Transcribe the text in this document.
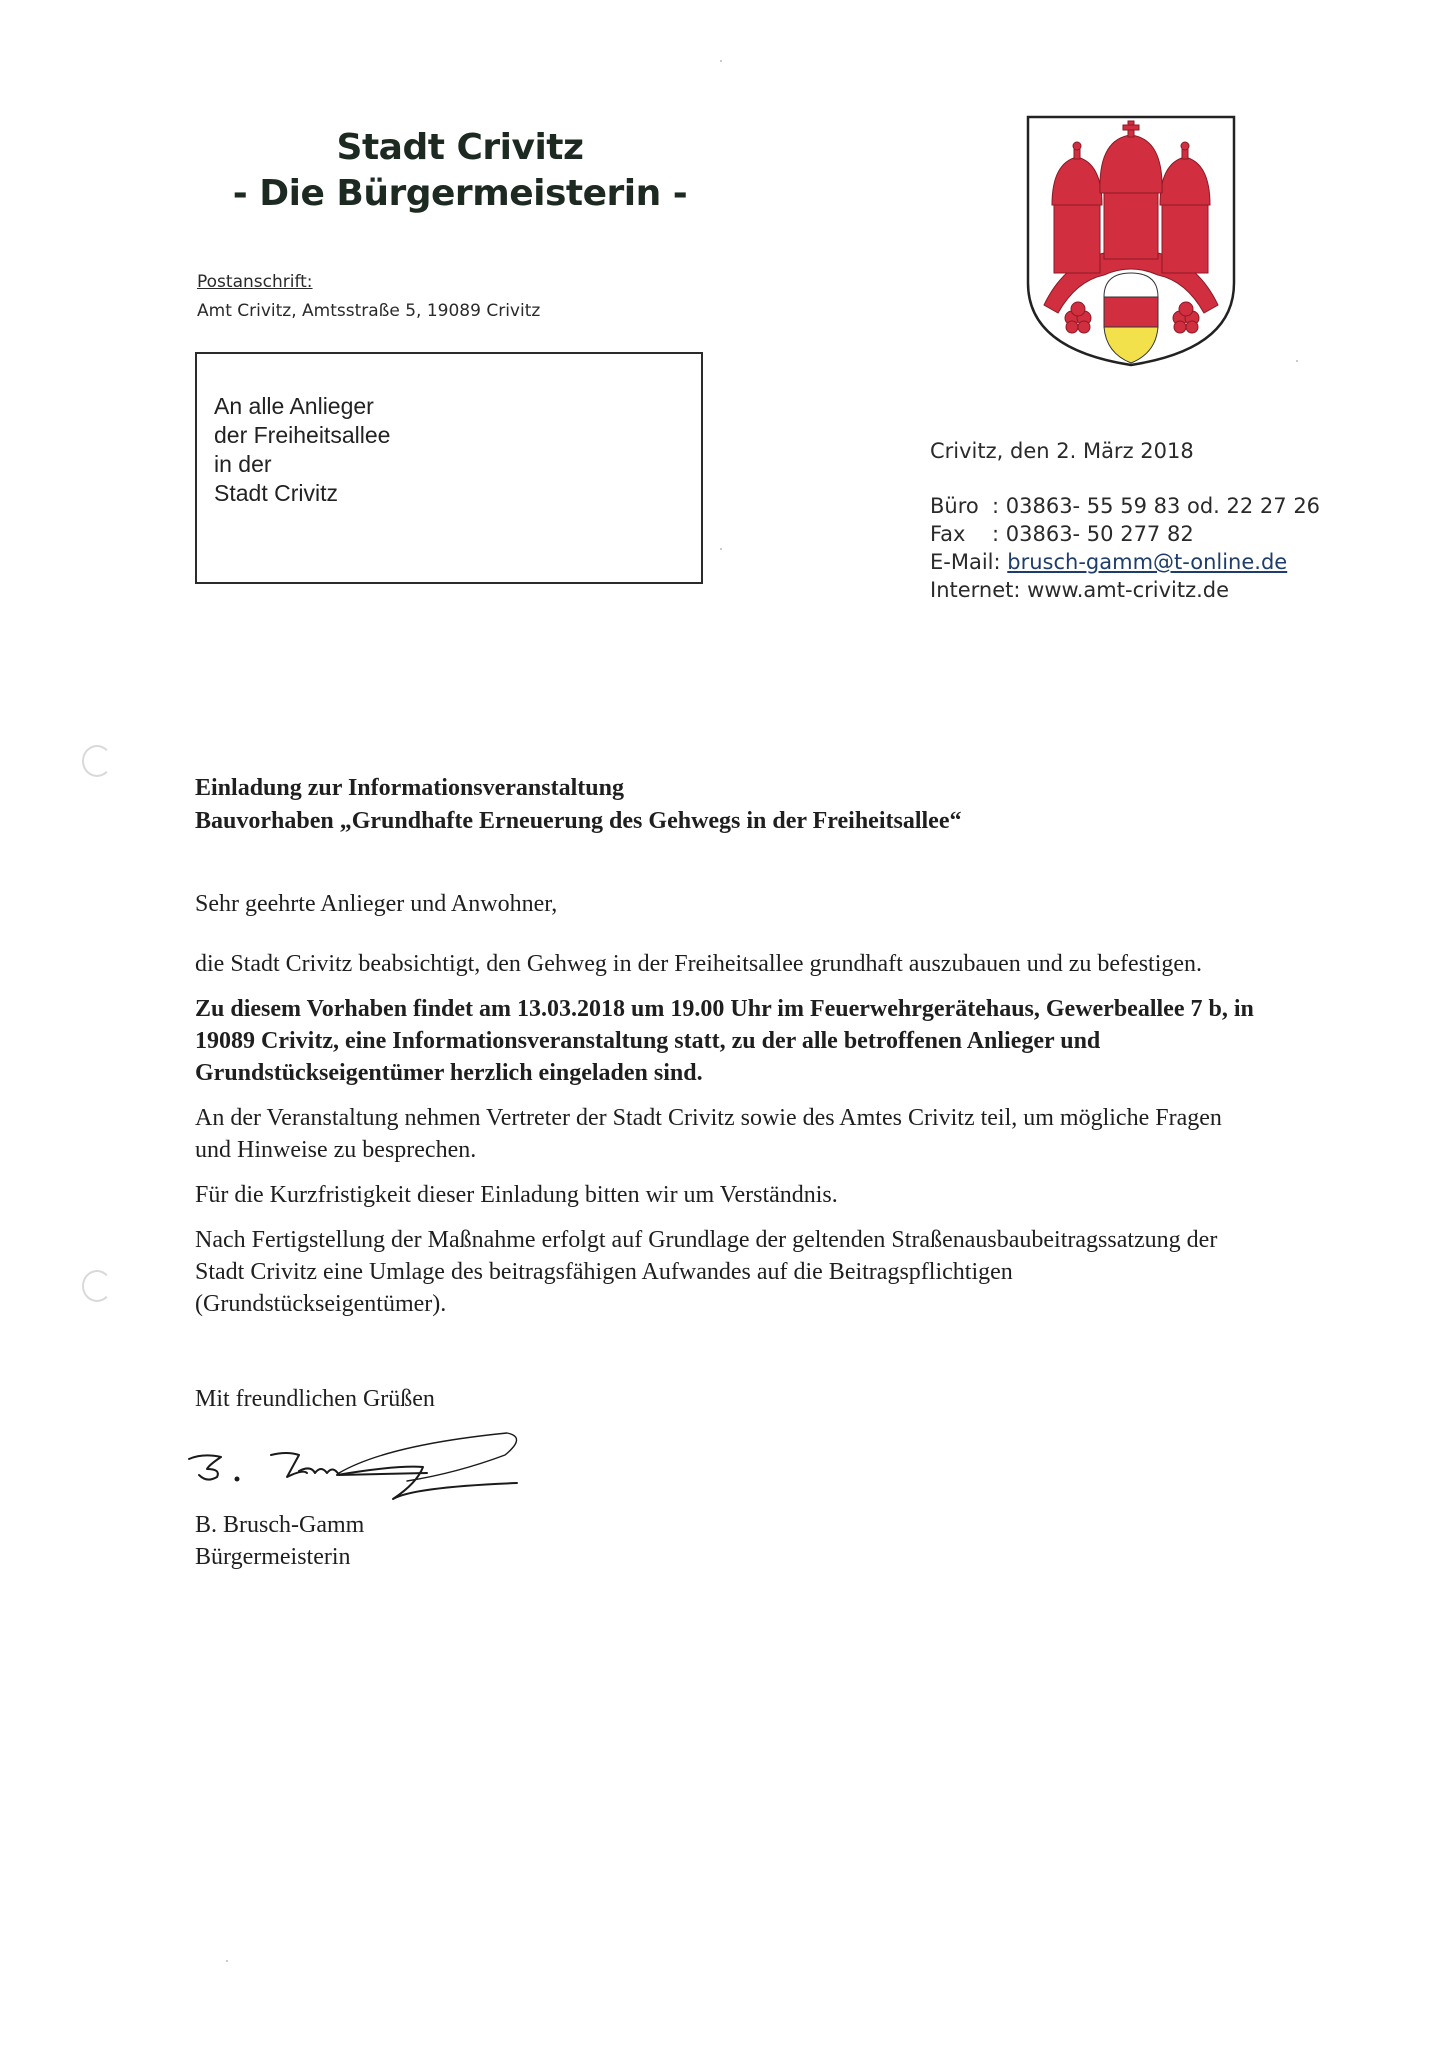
Stadt Crivitz
- Die Bürgermeisterin -
Postanschrift:
Amt Crivitz, Amtsstraße 5, 19089 Crivitz
An alle Anlieger
der Freiheitsallee
in der
Stadt Crivitz
Crivitz, den 2. März 2018
Büro : 03863- 55 59 83 od. 22 27 26
Fax : 03863- 50 277 82
E-Mail: brusch-gamm@t-online.de
Internet: www.amt-crivitz.de
Einladung zur Informationsveranstaltung
Bauvorhaben „Grundhafte Erneuerung des Gehwegs in der Freiheitsallee“

Sehr geehrte Anlieger und Anwohner,

die Stadt Crivitz beabsichtigt, den Gehweg in der Freiheitsallee grundhaft auszubauen und zu befestigen.

Zu diesem Vorhaben findet am 13.03.2018 um 19.00 Uhr im Feuerwehrgerätehaus, Gewerbeallee 7 b, in 19089 Crivitz, eine Informationsveranstaltung statt, zu der alle betroffenen Anlieger und Grundstückseigentümer herzlich eingeladen sind.

An der Veranstaltung nehmen Vertreter der Stadt Crivitz sowie des Amtes Crivitz teil, um mögliche Fragen und Hinweise zu besprechen.

Für die Kurzfristigkeit dieser Einladung bitten wir um Verständnis.

Nach Fertigstellung der Maßnahme erfolgt auf Grundlage der geltenden Straßenausbaubeitragssatzung der Stadt Crivitz eine Umlage des beitragsfähigen Aufwandes auf die Beitragspflichtigen (Grundstückseigentümer).

Mit freundlichen Grüßen

B. Brusch-Gamm

Bürgermeisterin
